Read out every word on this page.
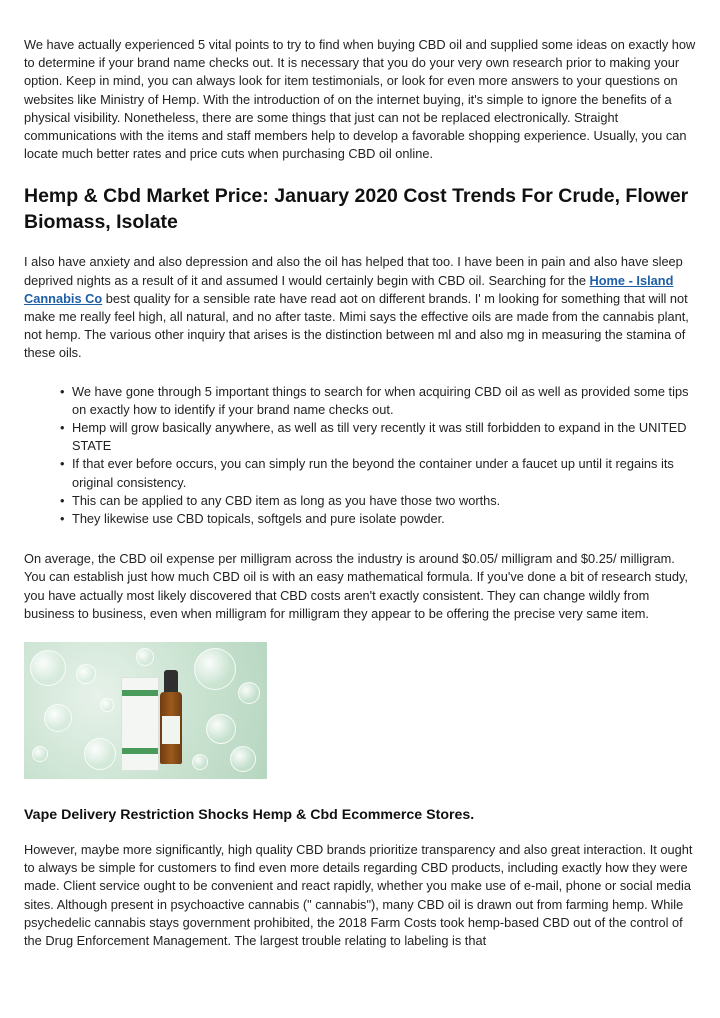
We have actually experienced 5 vital points to try to find when buying CBD oil and supplied some ideas on exactly how to determine if your brand name checks out. It is necessary that you do your very own research prior to making your option. Keep in mind, you can always look for item testimonials, or look for even more answers to your questions on websites like Ministry of Hemp. With the introduction of on the internet buying, it's simple to ignore the benefits of a physical visibility. Nonetheless, there are some things that just can not be replaced electronically. Straight communications with the items and staff members help to develop a favorable shopping experience. Usually, you can locate much better rates and price cuts when purchasing CBD oil online.

Hemp & Cbd Market Price: January 2020 Cost Trends For Crude, Flower Biomass, Isolate

I also have anxiety and also depression and also the oil has helped that too. I have been in pain and also have sleep deprived nights as a result of it and assumed I would certainly begin with CBD oil. Searching for the Home - Island Cannabis Co best quality for a sensible rate have read aot on different brands. I' m looking for something that will not make me really feel high, all natural, and no after taste. Mimi says the effective oils are made from the cannabis plant, not hemp. The various other inquiry that arises is the distinction between ml and also mg in measuring the stamina of these oils.

• We have gone through 5 important things to search for when acquiring CBD oil as well as provided some tips on exactly how to identify if your brand name checks out.
• Hemp will grow basically anywhere, as well as till very recently it was still forbidden to expand in the UNITED STATE
• If that ever before occurs, you can simply run the beyond the container under a faucet up until it regains its original consistency.
• This can be applied to any CBD item as long as you have those two worths.
• They likewise use CBD topicals, softgels and pure isolate powder.

On average, the CBD oil expense per milligram across the industry is around $0.05/ milligram and $0.25/ milligram. You can establish just how much CBD oil is with an easy mathematical formula. If you've done a bit of research study, you have actually most likely discovered that CBD costs aren't exactly consistent. They can change wildly from business to business, even when milligram for milligram they appear to be offering the precise very same item.

Vape Delivery Restriction Shocks Hemp & Cbd Ecommerce Stores.

However, maybe more significantly, high quality CBD brands prioritize transparency and also great interaction. It ought to always be simple for customers to find even more details regarding CBD products, including exactly how they were made. Client service ought to be convenient and react rapidly, whether you make use of e-mail, phone or social media sites. Although present in psychoactive cannabis (" cannabis"), many CBD oil is drawn out from farming hemp. While psychedelic cannabis stays government prohibited, the 2018 Farm Costs took hemp-based CBD out of the control of the Drug Enforcement Management. The largest trouble relating to labeling is that
